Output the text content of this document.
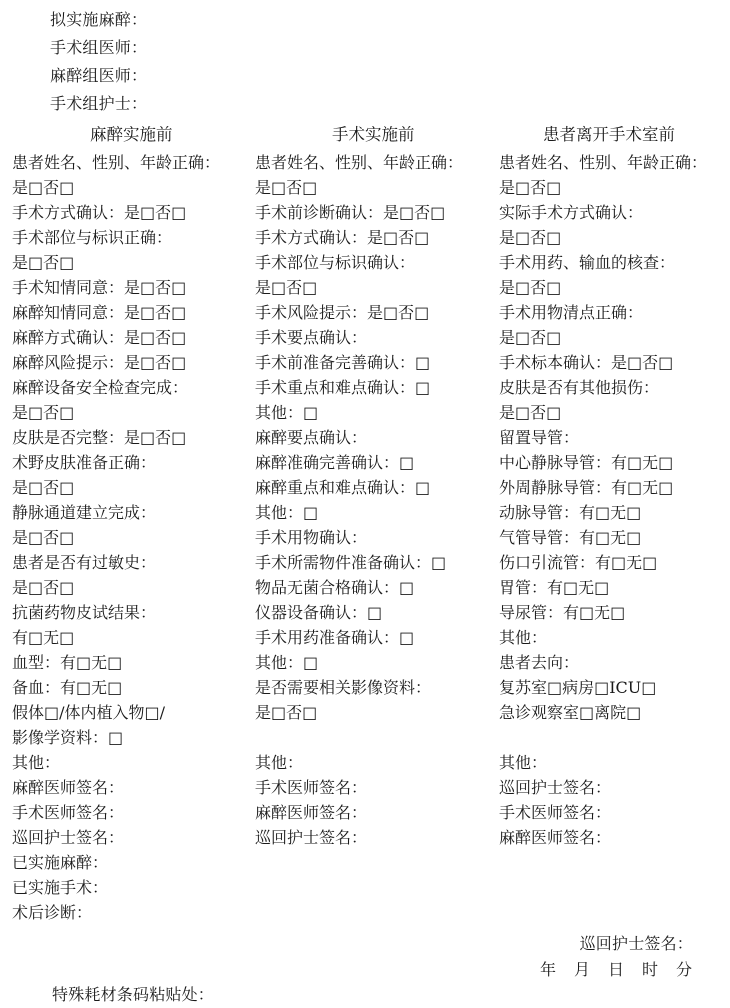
拟实施麻醉：
手术组医师：
麻醉组医师：
手术组护士：
麻醉实施前	手术实施前	患者离开手术室前
患者姓名、性别、年龄正确：
是□否□
手术方式确认：是□否□
手术部位与标识正确：
是□否□
手术知情同意：是□否□
麻醉知情同意：是□否□
麻醉方式确认：是□否□
麻醉风险提示：是□否□
麻醉设备安全检查完成：
是□否□
皮肤是否完整：是□否□
术野皮肤准备正确：
是□否□
静脉通道建立完成：
是□否□
患者是否有过敏史：
是□否□
抗菌药物皮试结果：
有□无□
血型：有□无□
备血：有□无□
假体□/体内植入物□/
影像学资料：□
其他：
麻醉医师签名：
手术医师签名：
巡回护士签名：
已实施麻醉：
已实施手术：
术后诊断：
患者姓名、性别、年龄正确：
是□否□
手术前诊断确认：是□否□
手术方式确认：是□否□
手术部位与标识确认：
是□否□
手术风险提示：是□否□
手术要点确认：
手术前准备完善确认：□
手术重点和难点确认：□
其他：□
麻醉要点确认：
麻醉准确完善确认：□
麻醉重点和难点确认：□
其他：□
手术用物确认：
手术所需物件准备确认：□
物品无菌合格确认：□
仪器设备确认：□
手术用药准备确认：□
其他：□
是否需要相关影像资料：
是□否□
其他：
手术医师签名：
麻醉医师签名：
巡回护士签名：
患者姓名、性别、年龄正确：
是□否□
实际手术方式确认：
是□否□
手术用药、输血的核查：
是□否□
手术用物清点正确：
是□否□
手术标本确认：是□否□
皮肤是否有其他损伤：
是□否□
留置导管：
中心静脉导管：有□无□
外周静脉导管：有□无□
动脉导管：有□无□
气管导管：有□无□
伤口引流管：有□无□
胃管：有□无□
导尿管：有□无□
其他：
患者去向：
复苏室□病房□ICU□
急诊观察室□离院□
其他：
巡回护士签名：
手术医师签名：
麻醉医师签名：
巡回护士签名：
年　月　日　时　分
特殊耗材条码粘贴处：
